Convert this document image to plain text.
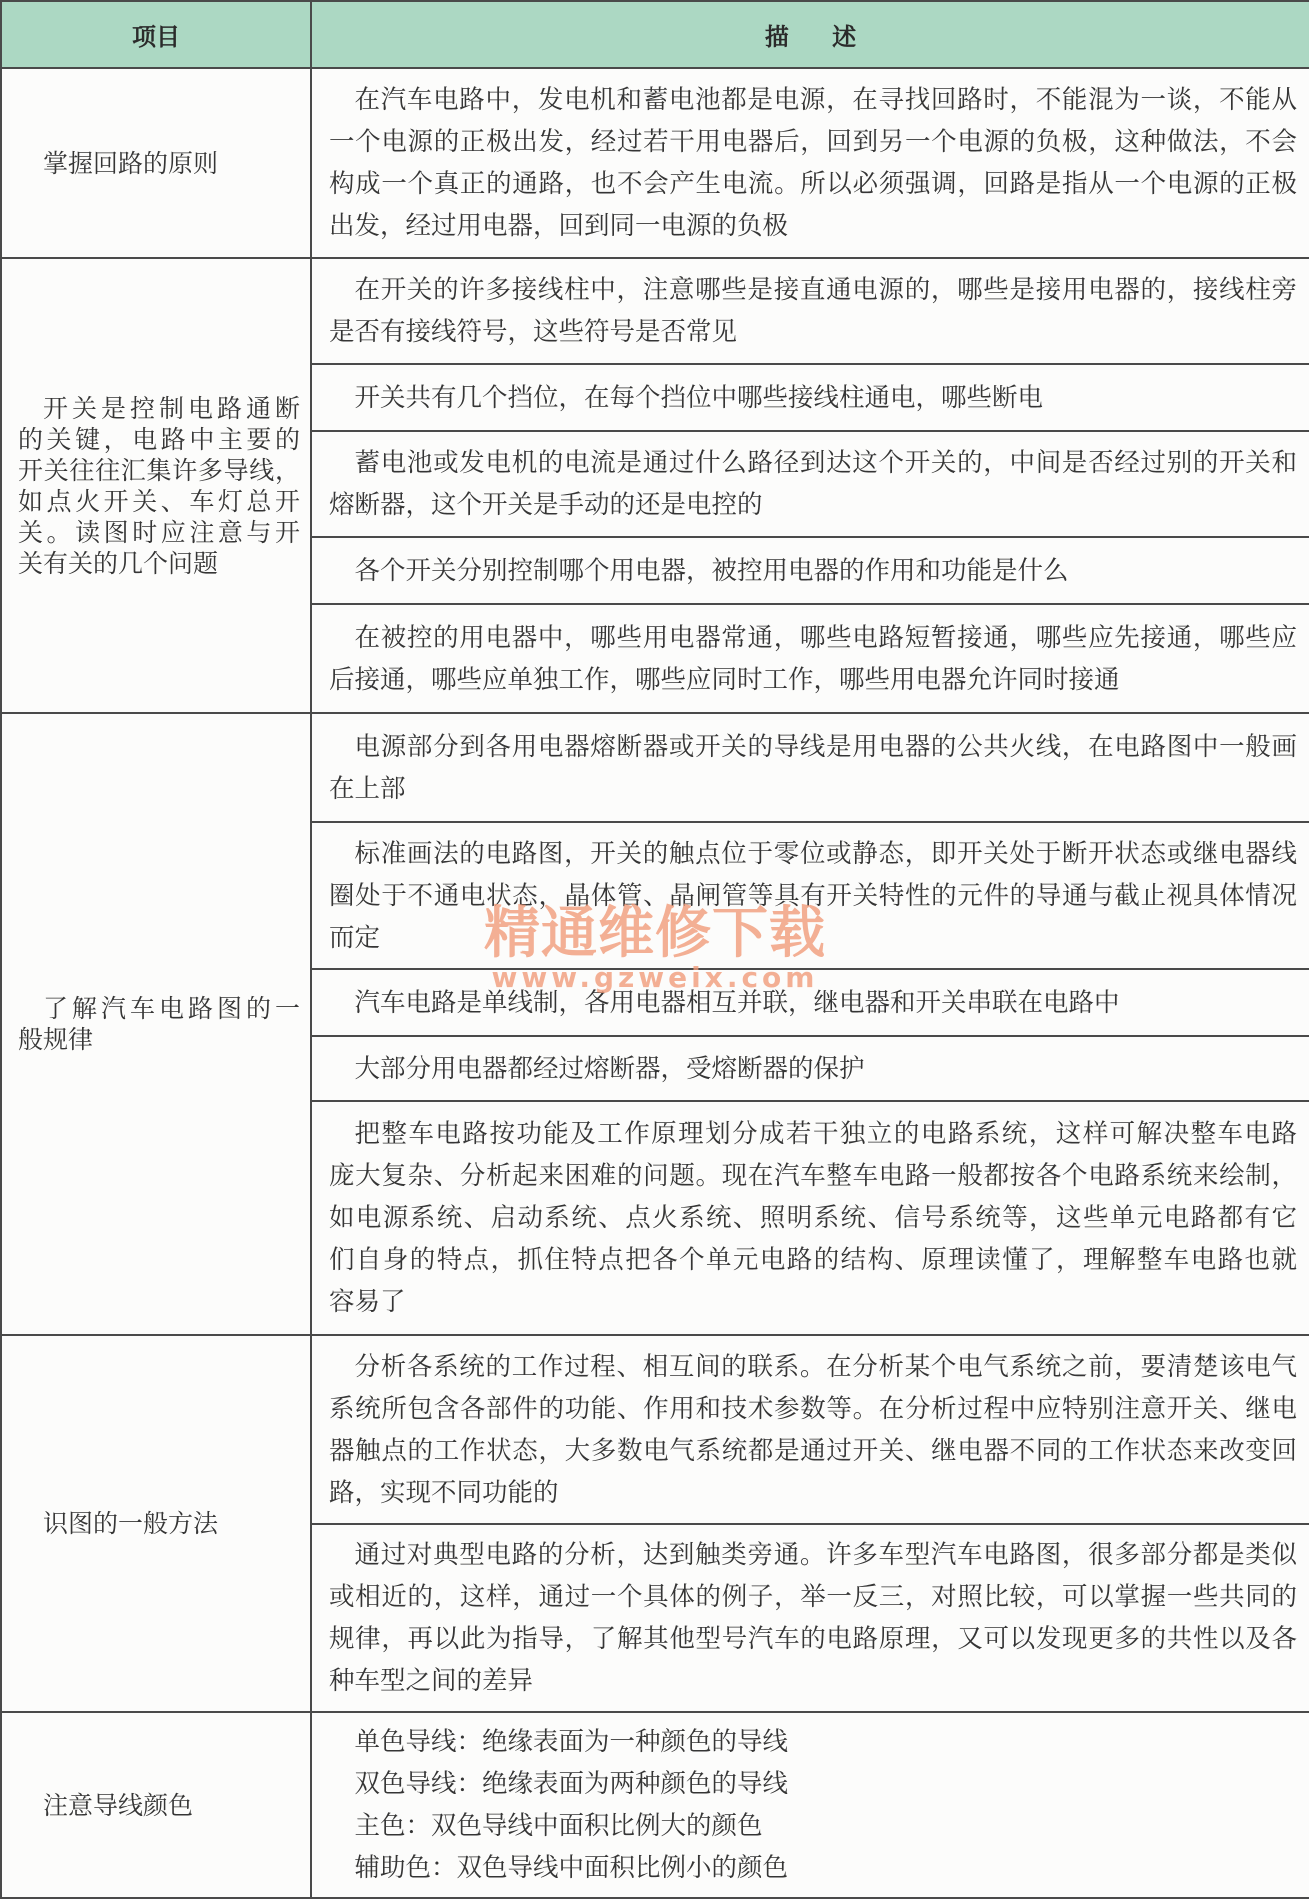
项目	描述
掌握回路的原则
在汽车电路中，发电机和蓄电池都是电源，在寻找回路时，不能混为一谈，不能从
一个电源的正极出发，经过若干用电器后，回到另一个电源的负极，这种做法，不会
构成一个真正的通路，也不会产生电流。所以必须强调，回路是指从一个电源的正极
出发，经过用电器，回到同一电源的负极
开关是控制电路通断
的关键，电路中主要的
开关往往汇集许多导线，
如点火开关、车灯总开
关。读图时应注意与开
关有关的几个问题
在开关的许多接线柱中，注意哪些是接直通电源的，哪些是接用电器的，接线柱旁
是否有接线符号，这些符号是否常见
开关共有几个挡位，在每个挡位中哪些接线柱通电，哪些断电
蓄电池或发电机的电流是通过什么路径到达这个开关的，中间是否经过别的开关和
熔断器，这个开关是手动的还是电控的
各个开关分别控制哪个用电器，被控用电器的作用和功能是什么
在被控的用电器中，哪些用电器常通，哪些电路短暂接通，哪些应先接通，哪些应
后接通，哪些应单独工作，哪些应同时工作，哪些用电器允许同时接通
了解汽车电路图的一
般规律
电源部分到各用电器熔断器或开关的导线是用电器的公共火线，在电路图中一般画
在上部
标准画法的电路图，开关的触点位于零位或静态，即开关处于断开状态或继电器线
圈处于不通电状态，晶体管、晶闸管等具有开关特性的元件的导通与截止视具体情况
而定
汽车电路是单线制，各用电器相互并联，继电器和开关串联在电路中
大部分用电器都经过熔断器，受熔断器的保护
把整车电路按功能及工作原理划分成若干独立的电路系统，这样可解决整车电路
庞大复杂、分析起来困难的问题。现在汽车整车电路一般都按各个电路系统来绘制，
如电源系统、启动系统、点火系统、照明系统、信号系统等，这些单元电路都有它
们自身的特点，抓住特点把各个单元电路的结构、原理读懂了，理解整车电路也就
容易了
识图的一般方法
分析各系统的工作过程、相互间的联系。在分析某个电气系统之前，要清楚该电气
系统所包含各部件的功能、作用和技术参数等。在分析过程中应特别注意开关、继电
器触点的工作状态，大多数电气系统都是通过开关、继电器不同的工作状态来改变回
路，实现不同功能的
通过对典型电路的分析，达到触类旁通。许多车型汽车电路图，很多部分都是类似
或相近的，这样，通过一个具体的例子，举一反三，对照比较，可以掌握一些共同的
规律，再以此为指导，了解其他型号汽车的电路原理，又可以发现更多的共性以及各
种车型之间的差异
注意导线颜色
单色导线：绝缘表面为一种颜色的导线
双色导线：绝缘表面为两种颜色的导线
主色：双色导线中面积比例大的颜色
辅助色：双色导线中面积比例小的颜色
精通维修下载
www.gzweix.com
